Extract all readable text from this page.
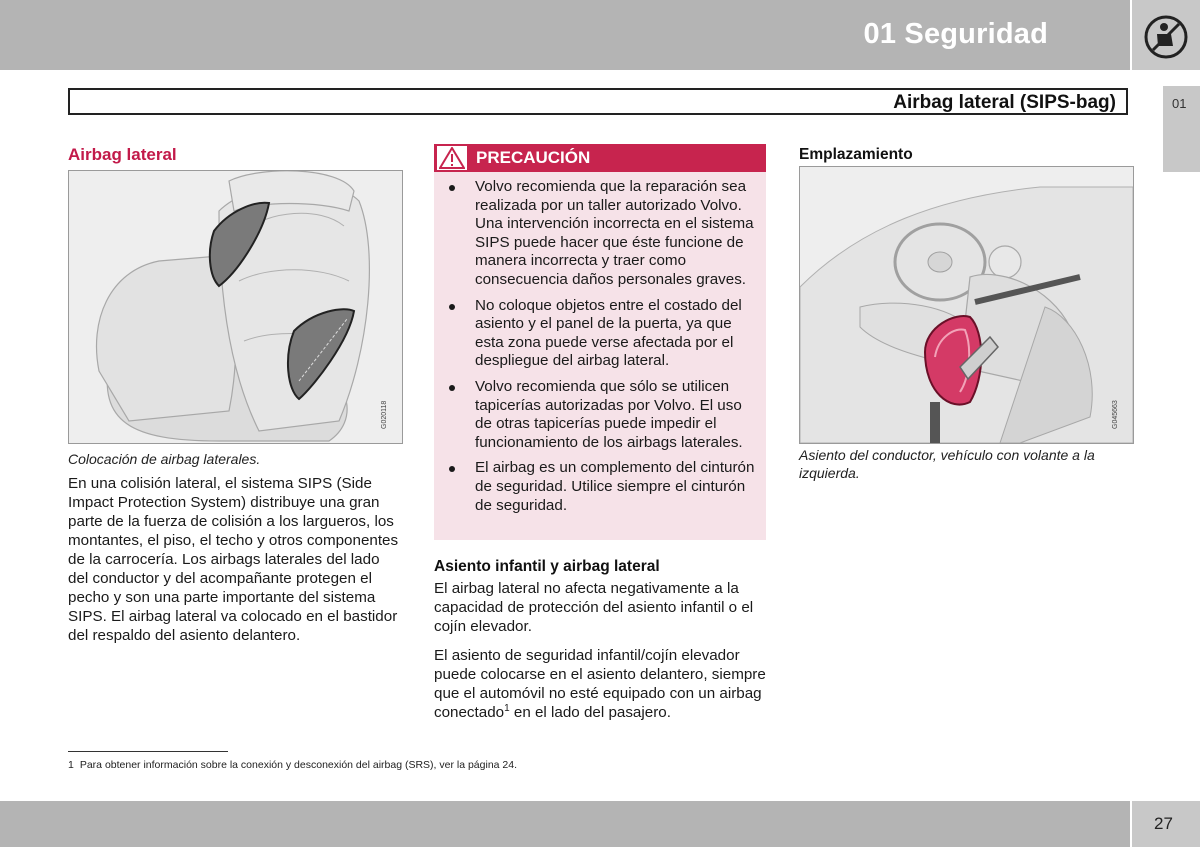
01 Seguridad
01
Airbag lateral (SIPS-bag)
Airbag lateral
G020118
Colocación de airbag laterales.
En una colisión lateral, el sistema SIPS (Side Impact Protection System) distribuye una gran parte de la fuerza de colisión a los largueros, los montantes, el piso, el techo y otros componentes de la carrocería. Los airbags laterales del lado del conductor y del acompañante protegen el pecho y son una parte importante del sistema SIPS. El airbag lateral va colocado en el bastidor del respaldo del asiento delantero.
PRECAUCIÓN
Volvo recomienda que la reparación sea realizada por un taller autorizado Volvo. Una intervención incorrecta en el sistema SIPS puede hacer que éste funcione de manera incorrecta y traer como consecuencia daños personales graves.
No coloque objetos entre el costado del asiento y el panel de la puerta, ya que esta zona puede verse afectada por el despliegue del airbag lateral.
Volvo recomienda que sólo se utilicen tapicerías autorizadas por Volvo. El uso de otras tapicerías puede impedir el funcionamiento de los airbags laterales.
El airbag es un complemento del cinturón de seguridad. Utilice siempre el cinturón de seguridad.
Asiento infantil y airbag lateral
El airbag lateral no afecta negativamente a la capacidad de protección del asiento infantil o el cojín elevador.
El asiento de seguridad infantil/cojín elevador puede colocarse en el asiento delantero, siempre que el automóvil no esté equipado con un airbag conectado$^1$ en el lado del pasajero.
Emplazamiento
G045663
Asiento del conductor, vehículo con volante a la izquierda.
1 Para obtener información sobre la conexión y desconexión del airbag (SRS), ver la página 24.
27
